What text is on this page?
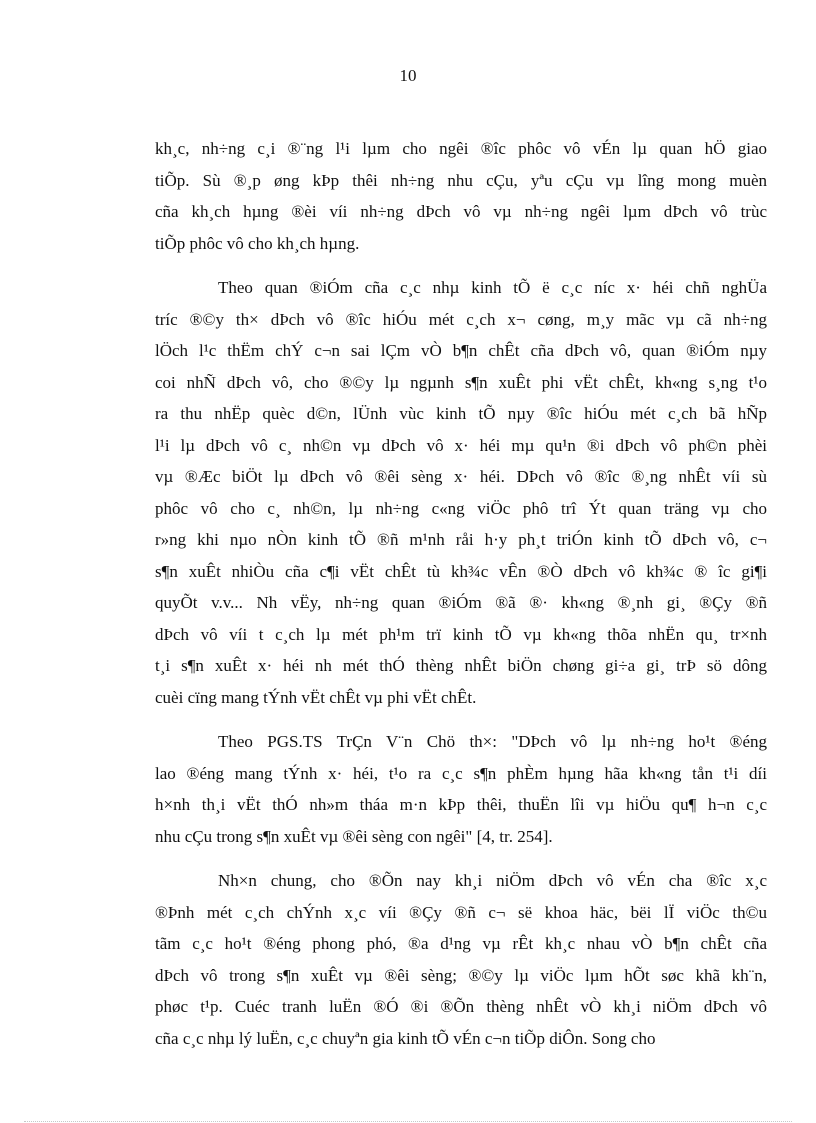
10
kh¸c, nh÷ng c¸i ®¨ng l¹i lµm cho ngêi ®îc phôc vô vÉn lµ quan hÖ giao
tiÕp. Sù ®¸p øng kÞp thêi nh÷ng nhu cÇu, yªu cÇu vµ lîng mong muèn
cña kh¸ch hµng ®èi víi nh÷ng dÞch vô vµ nh÷ng ngêi lµm dÞch vô trùc
tiÕp phôc vô cho kh¸ch hµng.
Theo quan ®iÓm cña c¸c nhµ kinh tÕ ë c¸c níc x· héi chñ nghÜa
tríc ®©y th× dÞch vô ®îc hiÓu mét c¸ch x¬ cøng, m¸y mãc vµ cã nh÷ng
lÖch l¹c thËm chÝ c¬n sai lÇm vÒ b¶n chÊt cña dÞch vô, quan ®iÓm nµy
coi nhÑ dÞch vô, cho ®©y lµ ngµnh s¶n xuÊt phi vËt chÊt, kh«ng s¸ng t¹o
ra thu nhËp quèc d©n, lÜnh vùc kinh tÕ nµy ®îc hiÓu mét c¸ch bã hÑp
l¹i lµ dÞch vô c¸ nh©n vµ dÞch vô x· héi mµ qu¹n ®i dÞch vô ph©n phèi
vµ ®Æc biÖt lµ dÞch vô ®êi sèng x· héi. DÞch vô ®îc ®¸ng nhÊt víi sù
phôc vô cho c¸ nh©n, lµ nh÷ng c«ng viÖc phô trî Ýt quan träng vµ cho
r»ng khi nµo nÒn kinh tÕ ®ñ m¹nh råi h·y ph¸t triÓn kinh tÕ dÞch vô, c¬
s¶n xuÊt nhiÒu cña c¶i vËt chÊt tù kh¾c vÊn ®Ò dÞch vô kh¾c ® îc gi¶i
quyÕt v.v... Nh vËy, nh÷ng quan ®iÓm ®ã ®· kh«ng ®¸nh gi¸ ®Çy ®ñ
dÞch vô víi t c¸ch lµ mét ph¹m trï kinh tÕ vµ kh«ng thõa nhËn qu¸ tr×nh
t¸i s¶n xuÊt x· héi nh mét thÓ thèng nhÊt biÖn chøng gi÷a gi¸ trÞ sö dông
cuèi cïng mang tÝnh vËt chÊt vµ phi vËt chÊt.
Theo PGS.TS TrÇn V¨n Chö th×: "DÞch vô lµ nh÷ng ho¹t ®éng
lao ®éng mang tÝnh x· héi, t¹o ra c¸c s¶n phÈm hµng hãa kh«ng tån t¹i díi
h×nh th¸i vËt thÓ nh»m tháa m·n kÞp thêi, thuËn lîi vµ hiÖu qu¶ h¬n c¸c
nhu cÇu trong s¶n xuÊt vµ ®êi sèng con ngêi" [4, tr. 254].
Nh×n chung, cho ®Õn nay kh¸i niÖm dÞch vô vÉn cha ®îc x¸c
®Þnh mét c¸ch chÝnh x¸c víi ®Çy ®ñ c¬ së khoa häc, bëi lÏ viÖc th©u
tãm c¸c ho¹t ®éng phong phó, ®a d¹ng vµ rÊt kh¸c nhau vÒ b¶n chÊt cña
dÞch vô trong s¶n xuÊt vµ ®êi sèng; ®©y lµ viÖc lµm hÕt søc khã kh¨n,
phøc t¹p. Cuéc tranh luËn ®Ó ®i ®Õn thèng nhÊt vÒ kh¸i niÖm dÞch vô
cña c¸c nhµ lý luËn, c¸c chuyªn gia kinh tÕ vÉn c¬n tiÕp diÔn. Song cho
